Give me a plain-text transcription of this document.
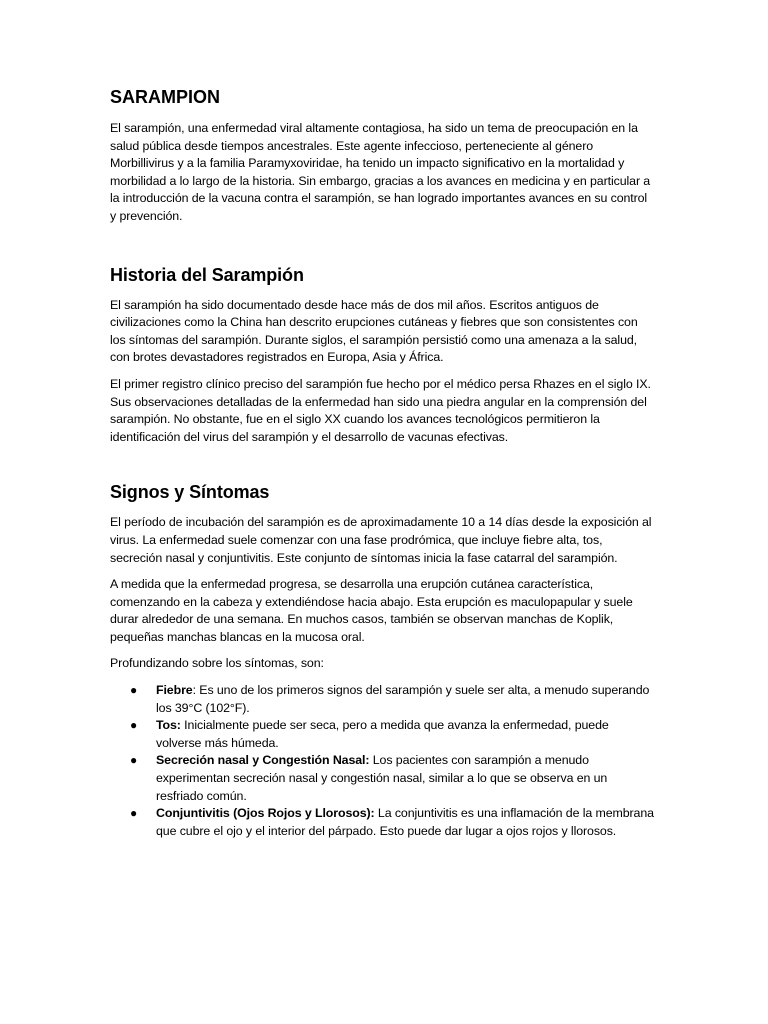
SARAMPION
El sarampión, una enfermedad viral altamente contagiosa, ha sido un tema de preocupación en la salud pública desde tiempos ancestrales. Este agente infeccioso, perteneciente al género Morbillivirus y a la familia Paramyxoviridae, ha tenido un impacto significativo en la mortalidad y morbilidad a lo largo de la historia. Sin embargo, gracias a los avances en medicina y en particular a la introducción de la vacuna contra el sarampión, se han logrado importantes avances en su control y prevención.
Historia del Sarampión
El sarampión ha sido documentado desde hace más de dos mil años. Escritos antiguos de civilizaciones como la China han descrito erupciones cutáneas y fiebres que son consistentes con los síntomas del sarampión. Durante siglos, el sarampión persistió como una amenaza a la salud, con brotes devastadores registrados en Europa, Asia y África.
El primer registro clínico preciso del sarampión fue hecho por el médico persa Rhazes en el siglo IX. Sus observaciones detalladas de la enfermedad han sido una piedra angular en la comprensión del sarampión. No obstante, fue en el siglo XX cuando los avances tecnológicos permitieron la identificación del virus del sarampión y el desarrollo de vacunas efectivas.
Signos y Síntomas
El período de incubación del sarampión es de aproximadamente 10 a 14 días desde la exposición al virus. La enfermedad suele comenzar con una fase prodrómica, que incluye fiebre alta, tos, secreción nasal y conjuntivitis. Este conjunto de síntomas inicia la fase catarral del sarampión.
A medida que la enfermedad progresa, se desarrolla una erupción cutánea característica, comenzando en la cabeza y extendiéndose hacia abajo. Esta erupción es maculopapular y suele durar alrededor de una semana. En muchos casos, también se observan manchas de Koplik, pequeñas manchas blancas en la mucosa oral.
Profundizando sobre los síntomas, son:
● Fiebre: Es uno de los primeros signos del sarampión y suele ser alta, a menudo superando los 39°C (102°F).
● Tos: Inicialmente puede ser seca, pero a medida que avanza la enfermedad, puede volverse más húmeda.
● Secreción nasal y Congestión Nasal: Los pacientes con sarampión a menudo experimentan secreción nasal y congestión nasal, similar a lo que se observa en un resfriado común.
● Conjuntivitis (Ojos Rojos y Llorosos): La conjuntivitis es una inflamación de la membrana que cubre el ojo y el interior del párpado. Esto puede dar lugar a ojos rojos y llorosos.
